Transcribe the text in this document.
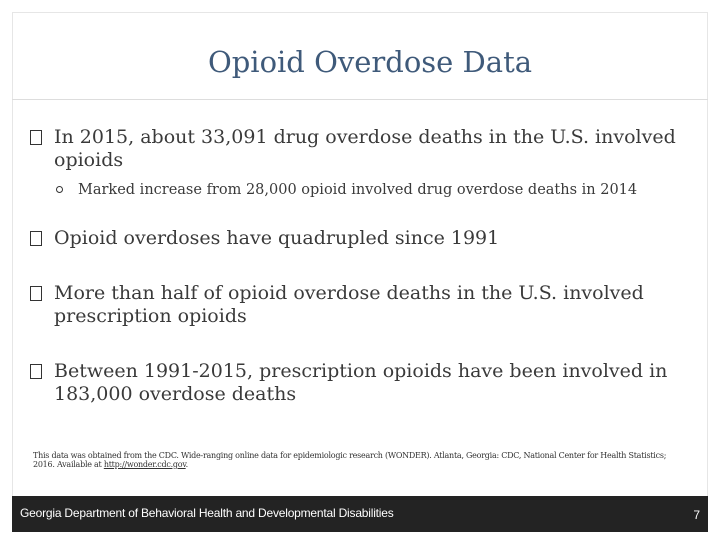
Opioid Overdose Data
In 2015, about 33,091 drug overdose deaths in the U.S. involved opioids
Marked increase from 28,000 opioid involved drug overdose deaths in 2014
Opioid overdoses have quadrupled since 1991
More than half of opioid overdose deaths in the U.S. involved prescription opioids
Between 1991-2015, prescription opioids have been involved in 183,000 overdose deaths
This data was obtained from the CDC. Wide-ranging online data for epidemiologic research (WONDER). Atlanta, Georgia: CDC, National Center for Health Statistics; 2016. Available at http://wonder.cdc.gov.
Georgia Department of Behavioral Health and Developmental Disabilities	7
